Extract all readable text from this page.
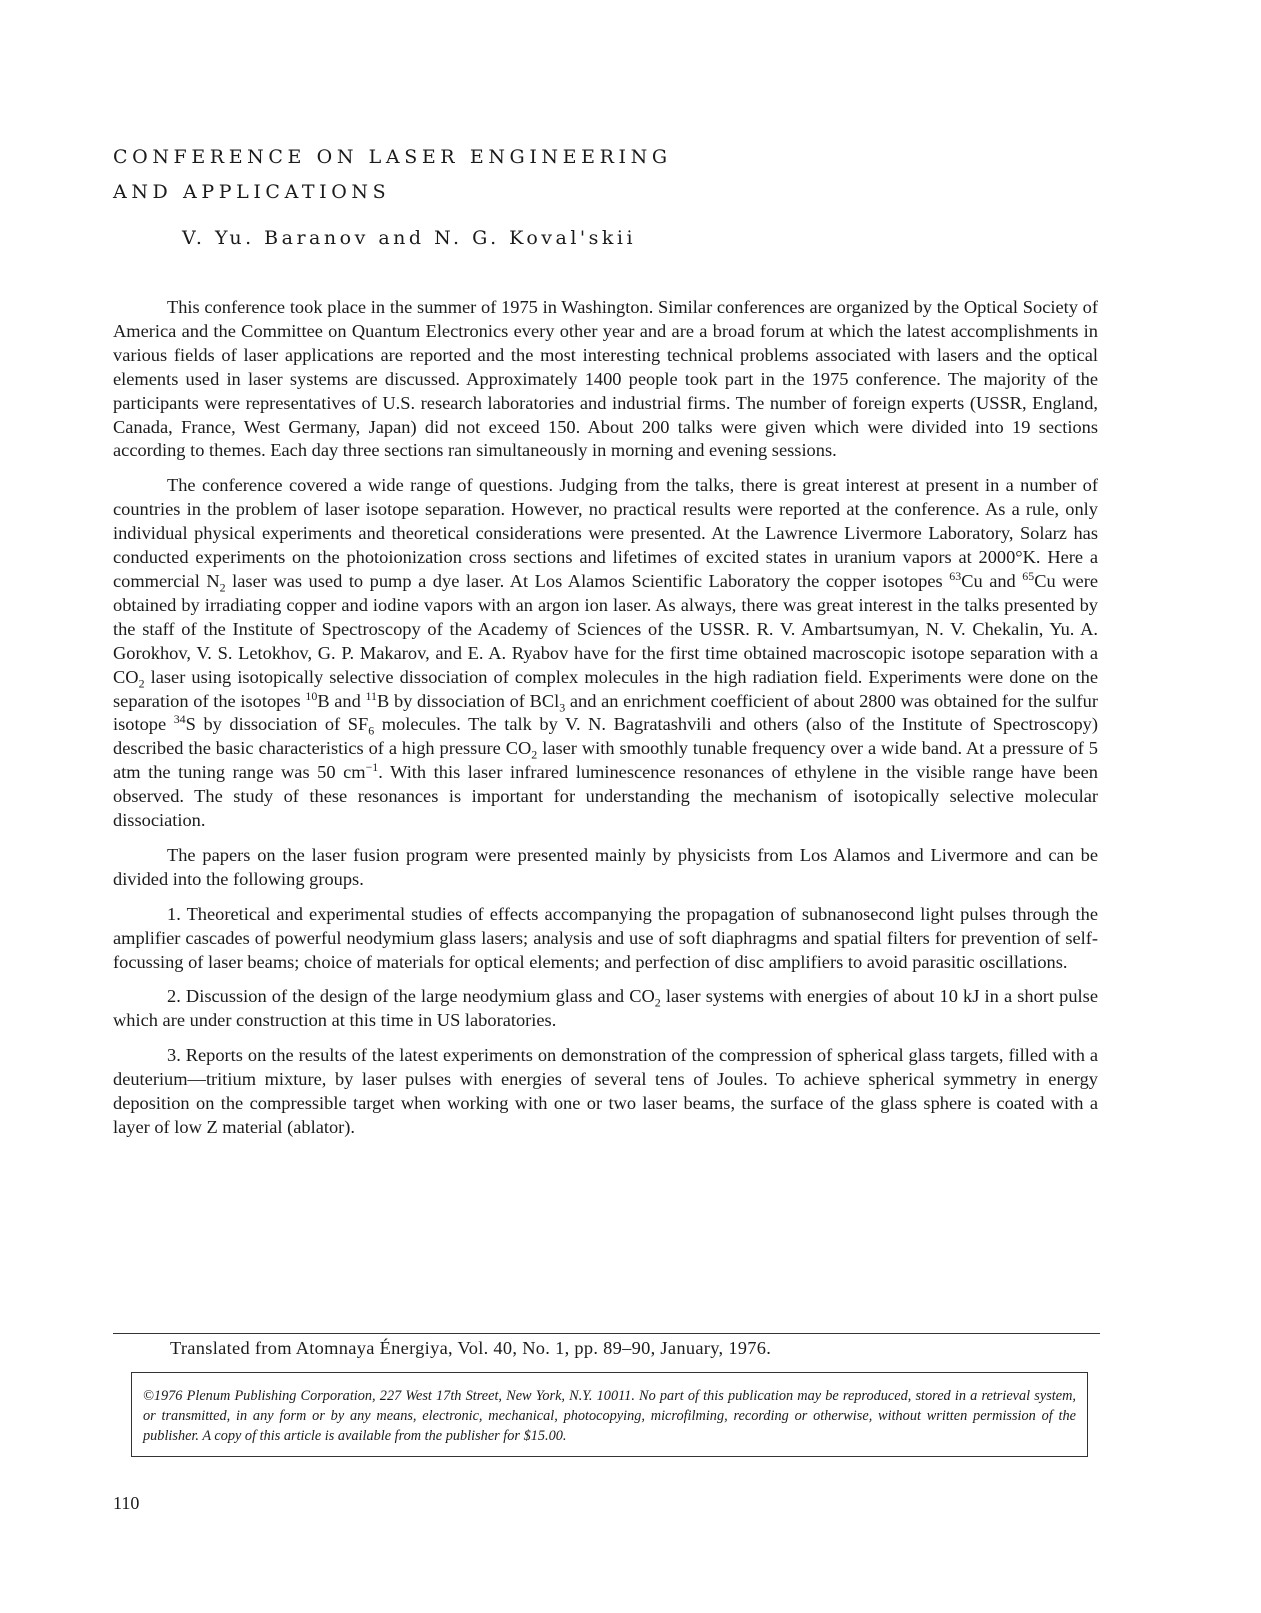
CONFERENCE ON LASER ENGINEERING
AND APPLICATIONS
V. Yu. Baranov and N. G. Koval'skii

This conference took place in the summer of 1975 in Washington. Similar conferences are organized by the Optical Society of America and the Committee on Quantum Electronics every other year and are a broad forum at which the latest accomplishments in various fields of laser applications are reported and the most interesting technical problems associated with lasers and the optical elements used in laser systems are discussed. Approximately 1400 people took part in the 1975 conference. The majority of the participants were representatives of U.S. research laboratories and industrial firms. The number of foreign experts (USSR, England, Canada, France, West Germany, Japan) did not exceed 150. About 200 talks were given which were divided into 19 sections according to themes. Each day three sections ran simultaneously in morning and evening sessions.

The conference covered a wide range of questions. Judging from the talks, there is great interest at present in a number of countries in the problem of laser isotope separation. However, no practical results were reported at the conference. As a rule, only individual physical experiments and theoretical considerations were presented. At the Lawrence Livermore Laboratory, Solarz has conducted experiments on the photoionization cross sections and lifetimes of excited states in uranium vapors at 2000°K. Here a commercial $N_2$ laser was used to pump a dye laser. At Los Alamos Scientific Laboratory the copper isotopes $^{63}$Cu and $^{65}$Cu were obtained by irradiating copper and iodine vapors with an argon ion laser. As always, there was great interest in the talks presented by the staff of the Institute of Spectroscopy of the Academy of Sciences of the USSR. R. V. Ambartsumyan, N. V. Chekalin, Yu. A. Gorokhov, V. S. Letokhov, G. P. Makarov, and E. A. Ryabov have for the first time obtained macroscopic isotope separation with a $CO_2$ laser using isotopically selective dissociation of complex molecules in the high radiation field. Experiments were done on the separation of the isotopes $^{10}$B and $^{11}$B by dissociation of BCl$_3$ and an enrichment coefficient of about 2800 was obtained for the sulfur isotope $^{34}$S by dissociation of $SF_6$ molecules. The talk by V. N. Bagratashvili and others (also of the Institute of Spectroscopy) described the basic characteristics of a high pressure $CO_2$ laser with smoothly tunable frequency over a wide band. At a pressure of 5 atm the tuning range was 50 $cm^{-1}$. With this laser infrared luminescence resonances of ethylene in the visible range have been observed. The study of these resonances is important for understanding the mechanism of isotopically selective molecular dissociation.

The papers on the laser fusion program were presented mainly by physicists from Los Alamos and Livermore and can be divided into the following groups.

1. Theoretical and experimental studies of effects accompanying the propagation of subnanosecond light pulses through the amplifier cascades of powerful neodymium glass lasers; analysis and use of soft diaphragms and spatial filters for prevention of self-focussing of laser beams; choice of materials for optical elements; and perfection of disc amplifiers to avoid parasitic oscillations.

2. Discussion of the design of the large neodymium glass and $CO_2$ laser systems with energies of about 10 kJ in a short pulse which are under construction at this time in US laboratories.

3. Reports on the results of the latest experiments on demonstration of the compression of spherical glass targets, filled with a deuterium—tritium mixture, by laser pulses with energies of several tens of Joules. To achieve spherical symmetry in energy deposition on the compressible target when working with one or two laser beams, the surface of the glass sphere is coated with a layer of low Z material (ablator).

Translated from Atomnaya Énergiya, Vol. 40, No. 1, pp. 89–90, January, 1976.
©1976 Plenum Publishing Corporation, 227 West 17th Street, New York, N.Y. 10011. No part of this publication may be reproduced, stored in a retrieval system, or transmitted, in any form or by any means, electronic, mechanical, photocopying, microfilming, recording or otherwise, without written permission of the publisher. A copy of this article is available from the publisher for $15.00.
110
